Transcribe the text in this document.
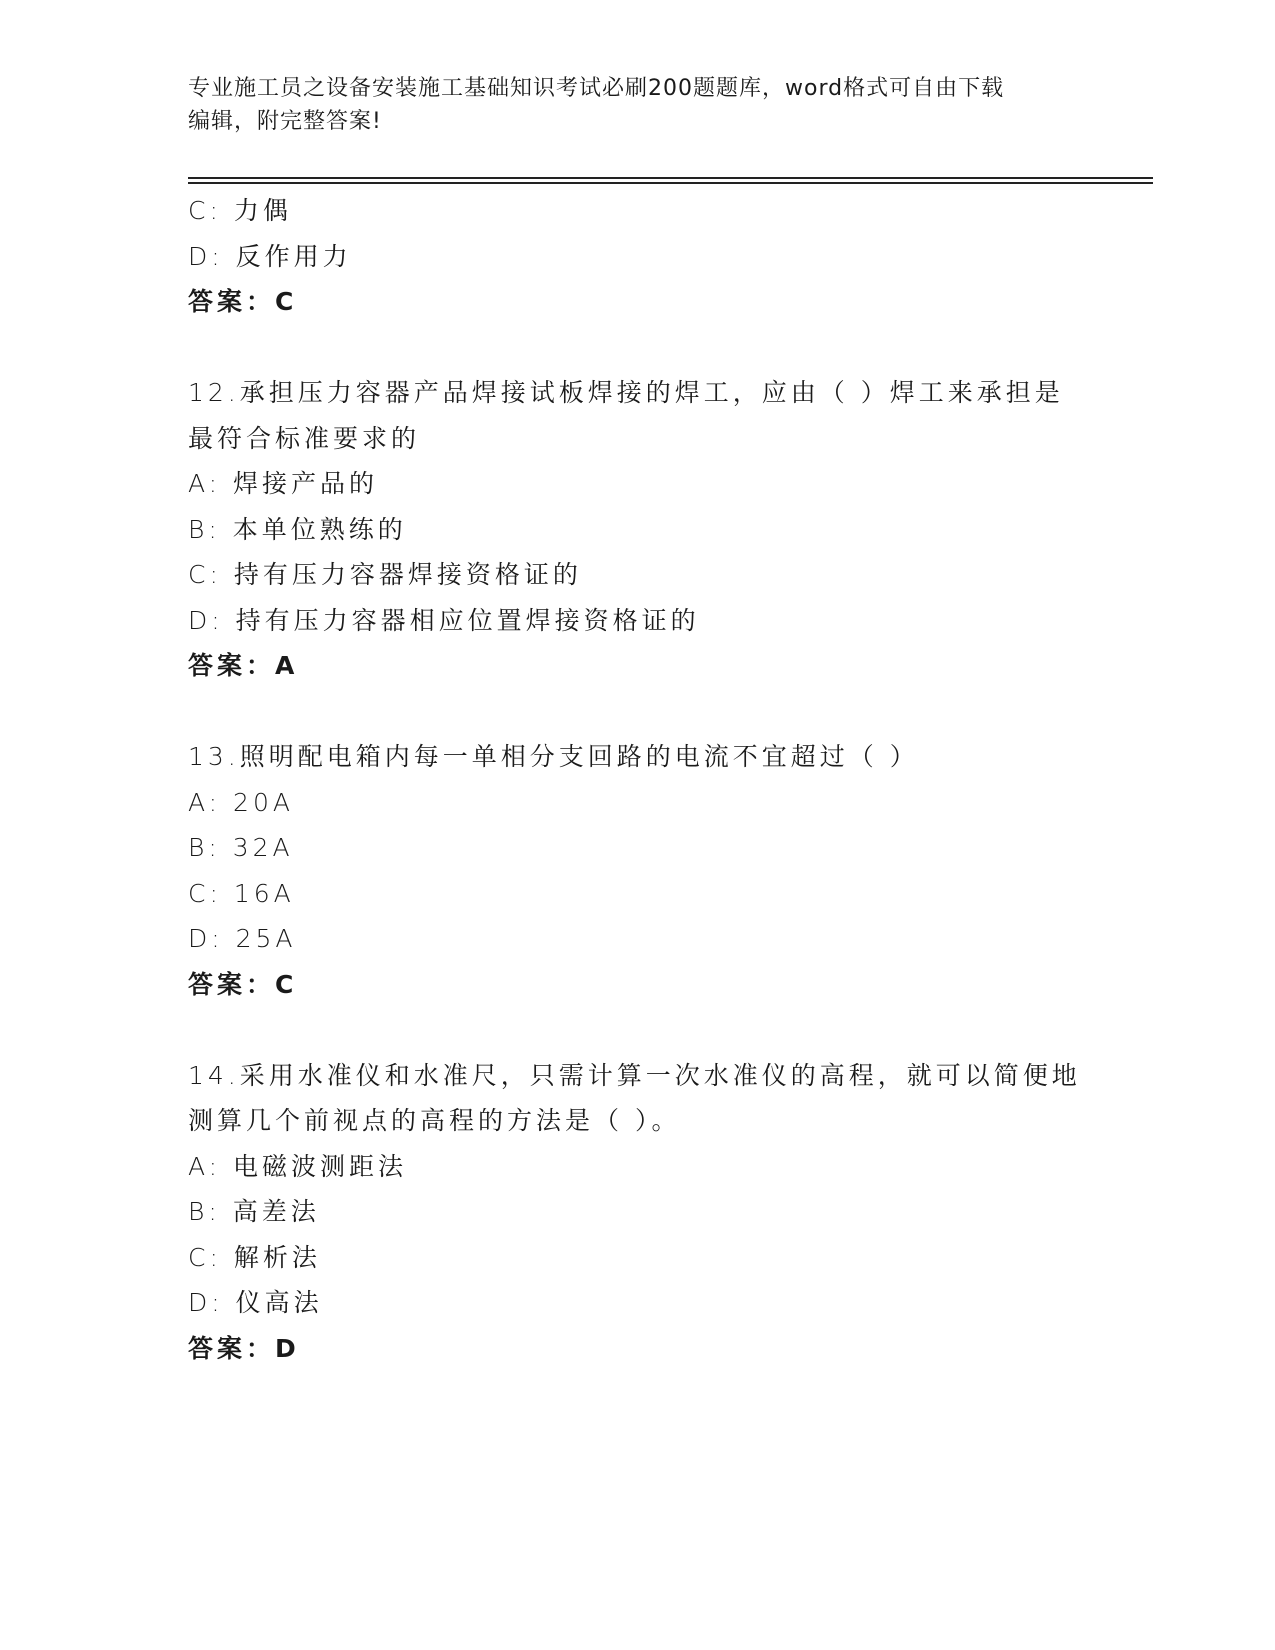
专业施工员之设备安装施工基础知识考试必刷200题题库，word格式可自由下载
编辑，附完整答案!
C: 力偶
D: 反作用力
答案：C
12.承担压力容器产品焊接试板焊接的焊工，应由（ ）焊工来承担是
最符合标准要求的
A: 焊接产品的
B: 本单位熟练的
C: 持有压力容器焊接资格证的
D: 持有压力容器相应位置焊接资格证的
答案：A
13.照明配电箱内每一单相分支回路的电流不宜超过（ ）
A: 20A
B: 32A
C: 16A
D: 25A
答案：C
14.采用水准仪和水准尺，只需计算一次水准仪的高程，就可以简便地
测算几个前视点的高程的方法是（ ）。
A: 电磁波测距法
B: 高差法
C: 解析法
D: 仪高法
答案：D
